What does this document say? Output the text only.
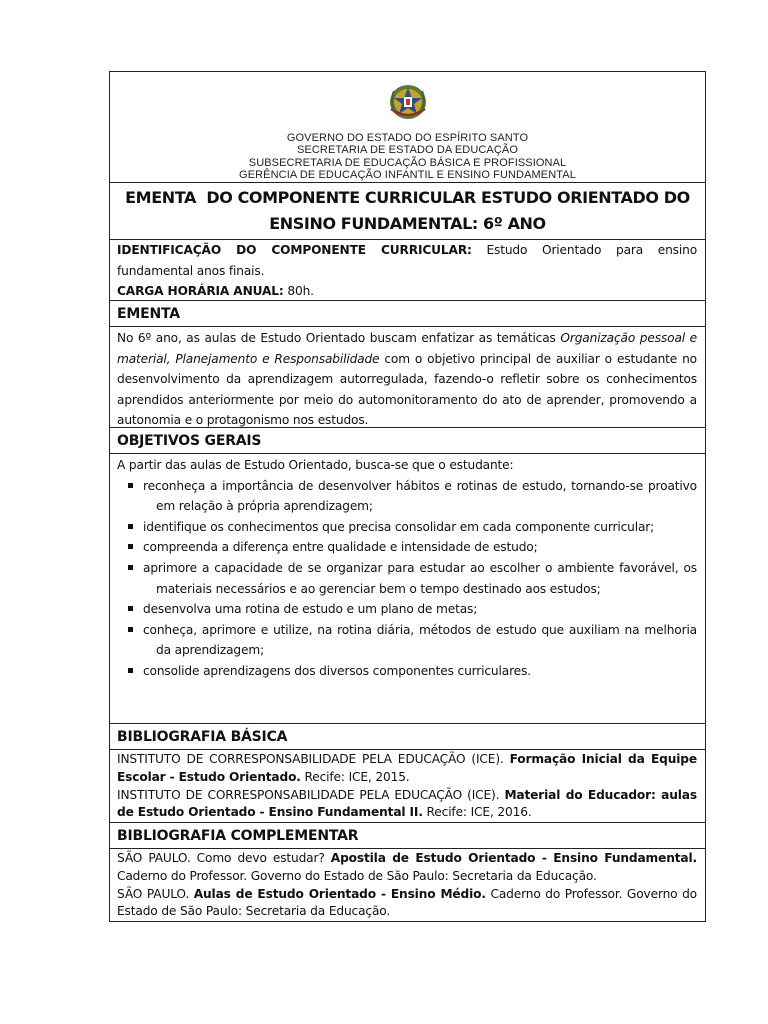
GOVERNO DO ESTADO DO ESPÍRITO SANTO
SECRETARIA DE ESTADO DA EDUCAÇÃO
SUBSECRETARIA DE EDUCAÇÃO BÁSICA E PROFISSIONAL
GERÊNCIA DE EDUCAÇÃO INFANTIL E ENSINO FUNDAMENTAL
EMENTA  DO COMPONENTE CURRICULAR ESTUDO ORIENTADO DO
ENSINO FUNDAMENTAL: 6º ANO
IDENTIFICAÇÃO DO COMPONENTE CURRICULAR: Estudo Orientado para ensino fundamental anos finais.
CARGA HORÁRIA ANUAL: 80h.
EMENTA
No 6º ano, as aulas de Estudo Orientado buscam enfatizar as temáticas Organização pessoal e material, Planejamento e Responsabilidade com o objetivo principal de auxiliar o estudante no desenvolvimento da aprendizagem autorregulada, fazendo-o refletir sobre os conhecimentos aprendidos anteriormente por meio do automonitoramento do ato de aprender, promovendo a autonomia e o protagonismo nos estudos.
OBJETIVOS GERAIS
A partir das aulas de Estudo Orientado, busca-se que o estudante:
reconheça a importância de desenvolver hábitos e rotinas de estudo, tornando-se proativo em relação à própria aprendizagem;
identifique os conhecimentos que precisa consolidar em cada componente curricular;
compreenda a diferença entre qualidade e intensidade de estudo;
aprimore a capacidade de se organizar para estudar ao escolher o ambiente favorável, os materiais necessários e ao gerenciar bem o tempo destinado aos estudos;
desenvolva uma rotina de estudo e um plano de metas;
conheça, aprimore e utilize, na rotina diária, métodos de estudo que auxiliam na melhoria da aprendizagem;
consolide aprendizagens dos diversos componentes curriculares.
BIBLIOGRAFIA BÁSICA
INSTITUTO DE CORRESPONSABILIDADE PELA EDUCAÇÃO (ICE). Formação Inicial da Equipe Escolar - Estudo Orientado. Recife: ICE, 2015.
INSTITUTO DE CORRESPONSABILIDADE PELA EDUCAÇÃO (ICE). Material do Educador: aulas de Estudo Orientado - Ensino Fundamental II. Recife: ICE, 2016.
BIBLIOGRAFIA COMPLEMENTAR
SÃO PAULO. Como devo estudar? Apostila de Estudo Orientado - Ensino Fundamental. Caderno do Professor. Governo do Estado de São Paulo: Secretaria da Educação.
SÃO PAULO. Aulas de Estudo Orientado - Ensino Médio. Caderno do Professor. Governo do Estado de São Paulo: Secretaria da Educação.
